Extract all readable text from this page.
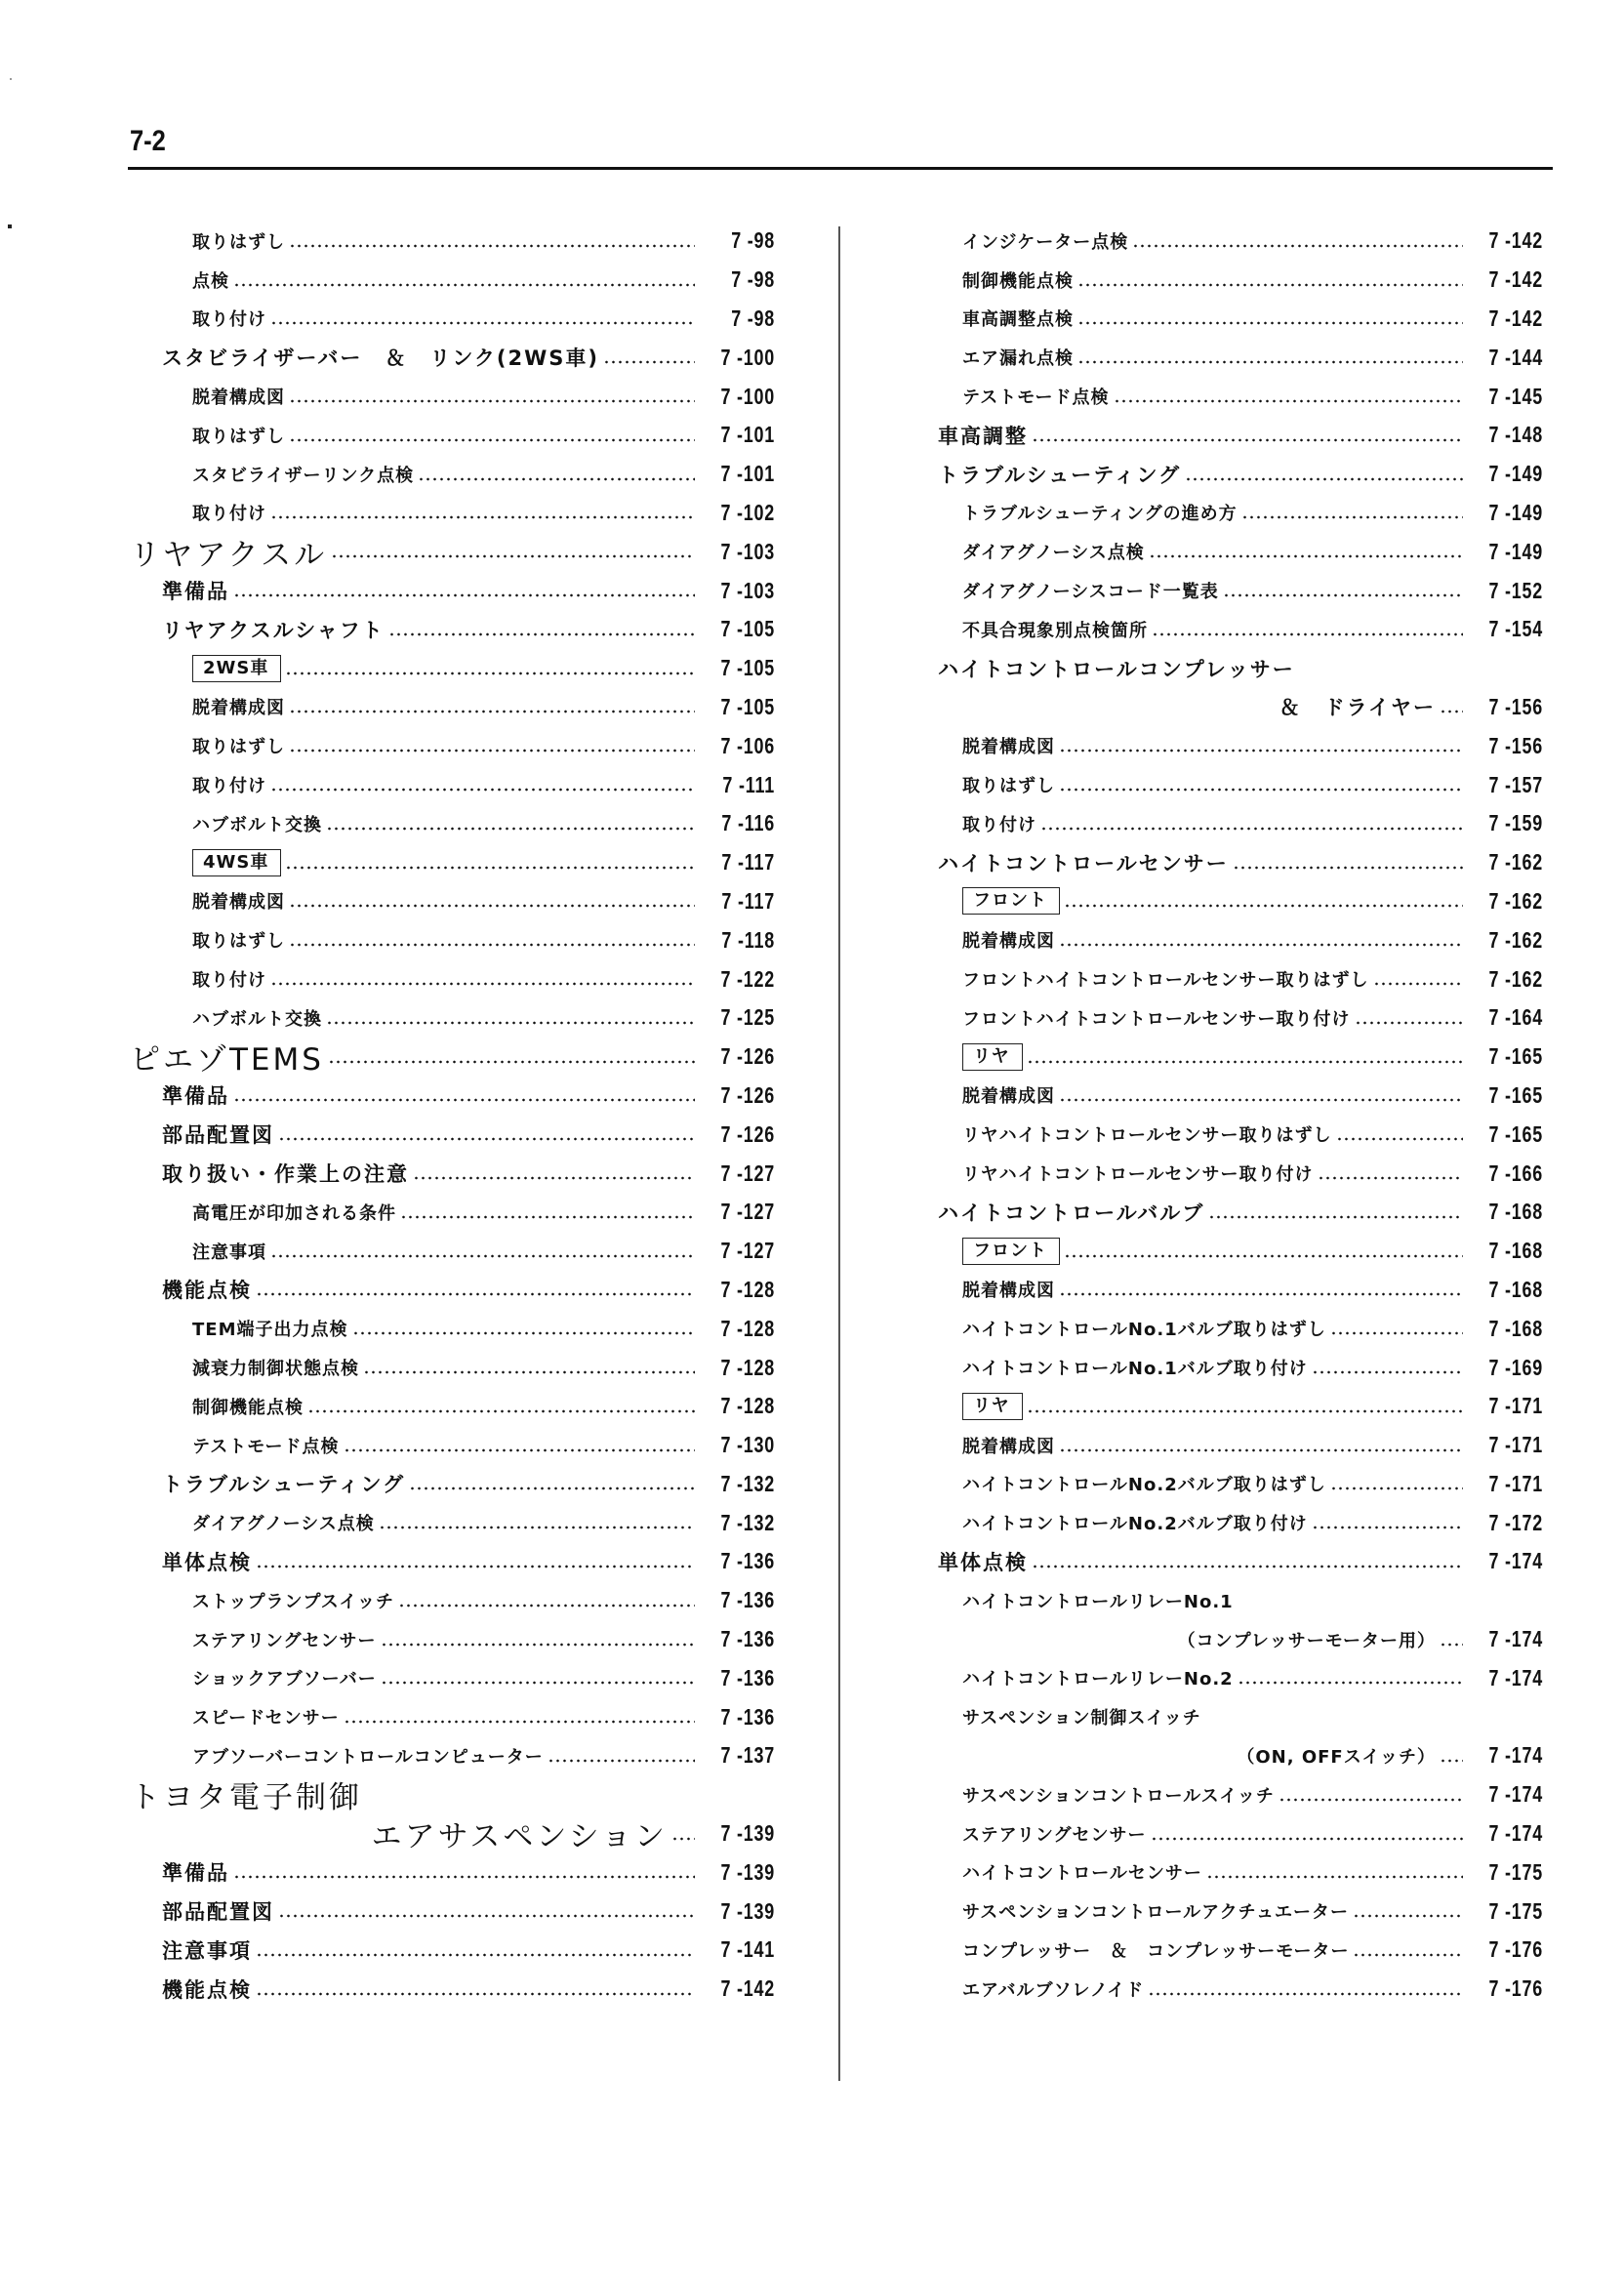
7-2
取りはずし	7 -98
点検	7 -98
取り付け	7 -98
スタビライザーバー　＆　リンク(2WS車)	7 -100
脱着構成図	7 -100
取りはずし	7 -101
スタビライザーリンク点検	7 -101
取り付け	7 -102
リヤアクスル	7 -103
準備品	7 -103
リヤアクスルシャフト	7 -105
2WS車	7 -105
脱着構成図	7 -105
取りはずし	7 -106
取り付け	7 -111
ハブボルト交換	7 -116
4WS車	7 -117
脱着構成図	7 -117
取りはずし	7 -118
取り付け	7 -122
ハブボルト交換	7 -125
ピエゾTEMS	7 -126
準備品	7 -126
部品配置図	7 -126
取り扱い・作業上の注意	7 -127
高電圧が印加される条件	7 -127
注意事項	7 -127
機能点検	7 -128
TEM端子出力点検	7 -128
減衰力制御状態点検	7 -128
制御機能点検	7 -128
テストモード点検	7 -130
トラブルシューティング	7 -132
ダイアグノーシス点検	7 -132
単体点検	7 -136
ストップランプスイッチ	7 -136
ステアリングセンサー	7 -136
ショックアブソーバー	7 -136
スピードセンサー	7 -136
アブソーバーコントロールコンピューター	7 -137
トヨタ電子制御
エアサスペンション 7 -139
準備品	7 -139
部品配置図	7 -139
注意事項	7 -141
機能点検	7 -142
インジケーター点検	7 -142
制御機能点検	7 -142
車高調整点検	7 -142
エア漏れ点検	7 -144
テストモード点検	7 -145
車高調整	7 -148
トラブルシューティング	7 -149
トラブルシューティングの進め方	7 -149
ダイアグノーシス点検	7 -149
ダイアグノーシスコード一覧表	7 -152
不具合現象別点検箇所	7 -154
ハイトコントロールコンプレッサー
＆　ドライヤー 7 -156
脱着構成図	7 -156
取りはずし	7 -157
取り付け	7 -159
ハイトコントロールセンサー	7 -162
フロント	7 -162
脱着構成図	7 -162
フロントハイトコントロールセンサー取りはずし	7 -162
フロントハイトコントロールセンサー取り付け	7 -164
リヤ	7 -165
脱着構成図	7 -165
リヤハイトコントロールセンサー取りはずし	7 -165
リヤハイトコントロールセンサー取り付け	7 -166
ハイトコントロールバルブ	7 -168
フロント	7 -168
脱着構成図	7 -168
ハイトコントロールNo.1バルブ取りはずし	7 -168
ハイトコントロールNo.1バルブ取り付け	7 -169
リヤ	7 -171
脱着構成図	7 -171
ハイトコントロールNo.2バルブ取りはずし	7 -171
ハイトコントロールNo.2バルブ取り付け	7 -172
単体点検	7 -174
ハイトコントロールリレーNo.1
（コンプレッサーモーター用） 7 -174
ハイトコントロールリレーNo.2	7 -174
サスペンション制御スイッチ
（ON, OFFスイッチ） 7 -174
サスペンションコントロールスイッチ	7 -174
ステアリングセンサー	7 -174
ハイトコントロールセンサー	7 -175
サスペンションコントロールアクチュエーター	7 -175
コンプレッサー　＆　コンプレッサーモーター	7 -176
エアバルブソレノイド	7 -176
